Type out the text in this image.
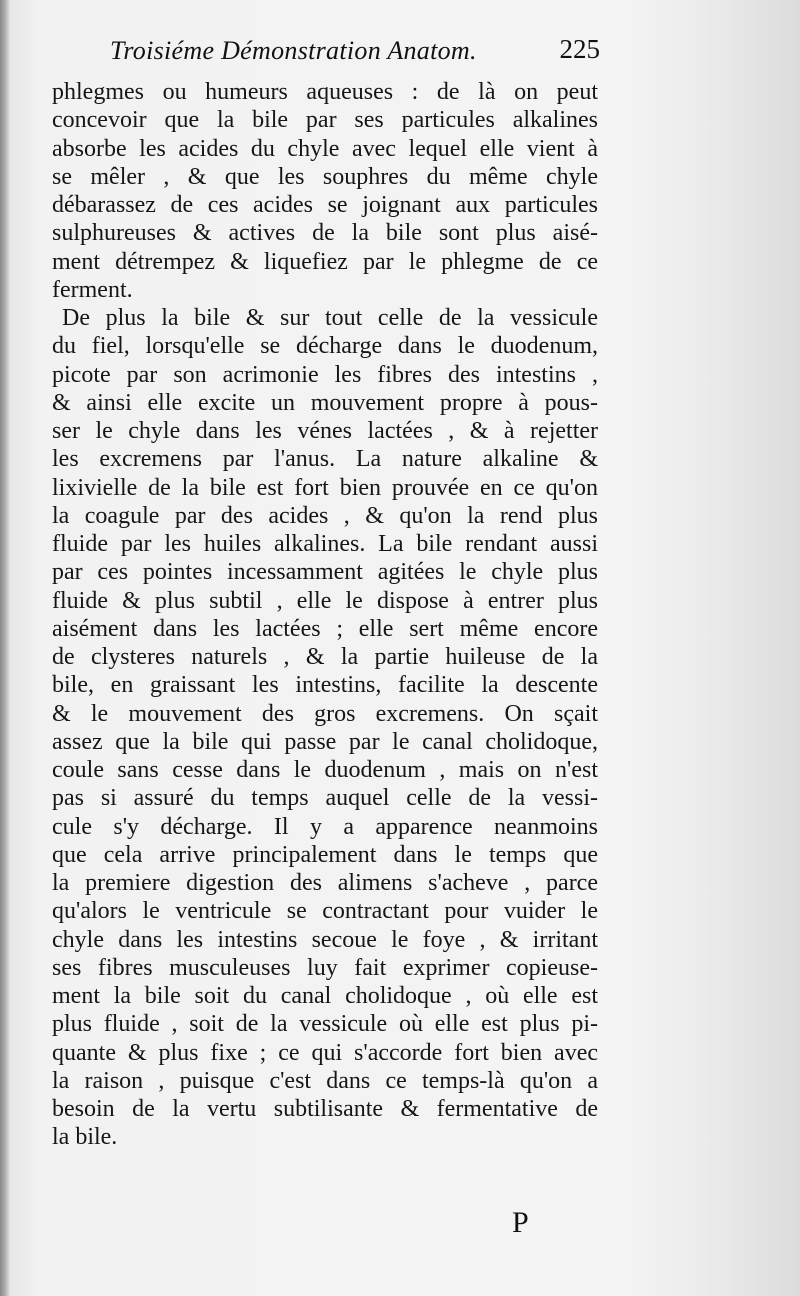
Troisiéme Démonstration Anatom.	225
phlegmes ou humeurs aqueuses : de là on peut
concevoir que la bile par ses particules alkalines
absorbe les acides du chyle avec lequel elle vient à
se mêler , & que les souphres du même chyle
débarassez de ces acides se joignant aux particules
sulphureuses & actives de la bile sont plus aisé-
ment détrempez & liquefiez par le phlegme de ce
ferment.
De plus la bile & sur tout celle de la vessicule
du fiel, lorsqu'elle se décharge dans le duodenum,
picote par son acrimonie les fibres des intestins ,
& ainsi elle excite un mouvement propre à pous-
ser le chyle dans les vénes lactées , & à rejetter
les excremens par l'anus. La nature alkaline &
lixivielle de la bile est fort bien prouvée en ce qu'on
la coagule par des acides , & qu'on la rend plus
fluide par les huiles alkalines. La bile rendant aussi
par ces pointes incessamment agitées le chyle plus
fluide & plus subtil , elle le dispose à entrer plus
aisément dans les lactées ; elle sert même encore
de clysteres naturels , & la partie huileuse de la
bile, en graissant les intestins, facilite la descente
& le mouvement des gros excremens. On sçait
assez que la bile qui passe par le canal cholidoque,
coule sans cesse dans le duodenum , mais on n'est
pas si assuré du temps auquel celle de la vessi-
cule s'y décharge. Il y a apparence neanmoins
que cela arrive principalement dans le temps que
la premiere digestion des alimens s'acheve , parce
qu'alors le ventricule se contractant pour vuider le
chyle dans les intestins secoue le foye , & irritant
ses fibres musculeuses luy fait exprimer copieuse-
ment la bile soit du canal cholidoque , où elle est
plus fluide , soit de la vessicule où elle est plus pi-
quante & plus fixe ; ce qui s'accorde fort bien avec
la raison , puisque c'est dans ce temps-là qu'on a
besoin de la vertu subtilisante & fermentative de
la bile.
P
